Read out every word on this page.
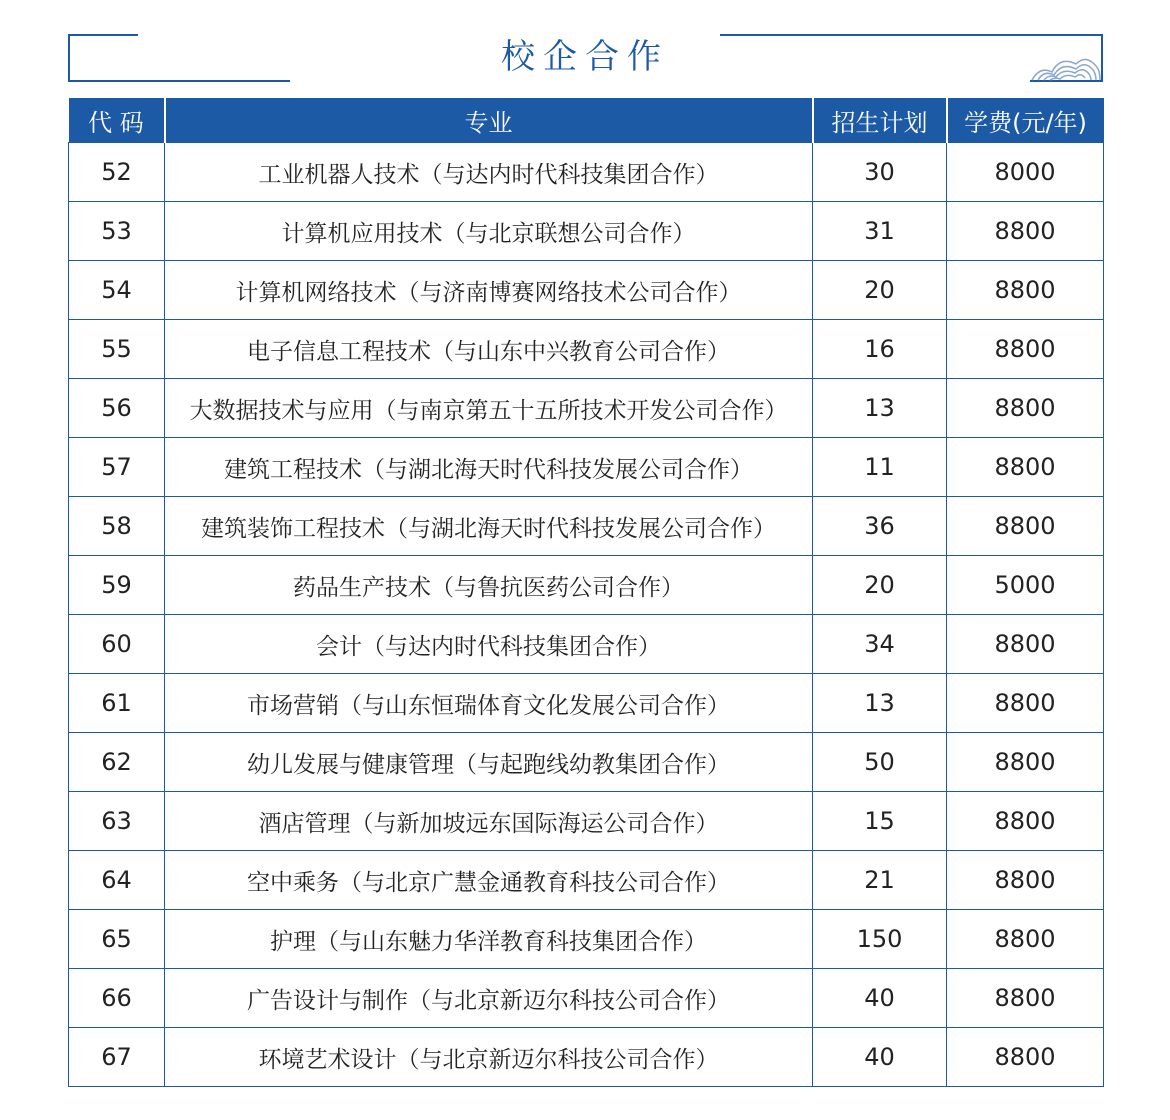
校企合作
代 码	专业	招生计划	学费(元/年)
52	工业机器人技术（与达内时代科技集团合作）	30	8000
53	计算机应用技术（与北京联想公司合作）	31	8800
54	计算机网络技术（与济南博赛网络技术公司合作）	20	8800
55	电子信息工程技术（与山东中兴教育公司合作）	16	8800
56	大数据技术与应用（与南京第五十五所技术开发公司合作）	13	8800
57	建筑工程技术（与湖北海天时代科技发展公司合作）	11	8800
58	建筑装饰工程技术（与湖北海天时代科技发展公司合作）	36	8800
59	药品生产技术（与鲁抗医药公司合作）	20	5000
60	会计（与达内时代科技集团合作）	34	8800
61	市场营销（与山东恒瑞体育文化发展公司合作）	13	8800
62	幼儿发展与健康管理（与起跑线幼教集团合作）	50	8800
63	酒店管理（与新加坡远东国际海运公司合作）	15	8800
64	空中乘务（与北京广慧金通教育科技公司合作）	21	8800
65	护理（与山东魅力华洋教育科技集团合作）	150	8800
66	广告设计与制作（与北京新迈尔科技公司合作）	40	8800
67	环境艺术设计（与北京新迈尔科技公司合作）	40	8800
